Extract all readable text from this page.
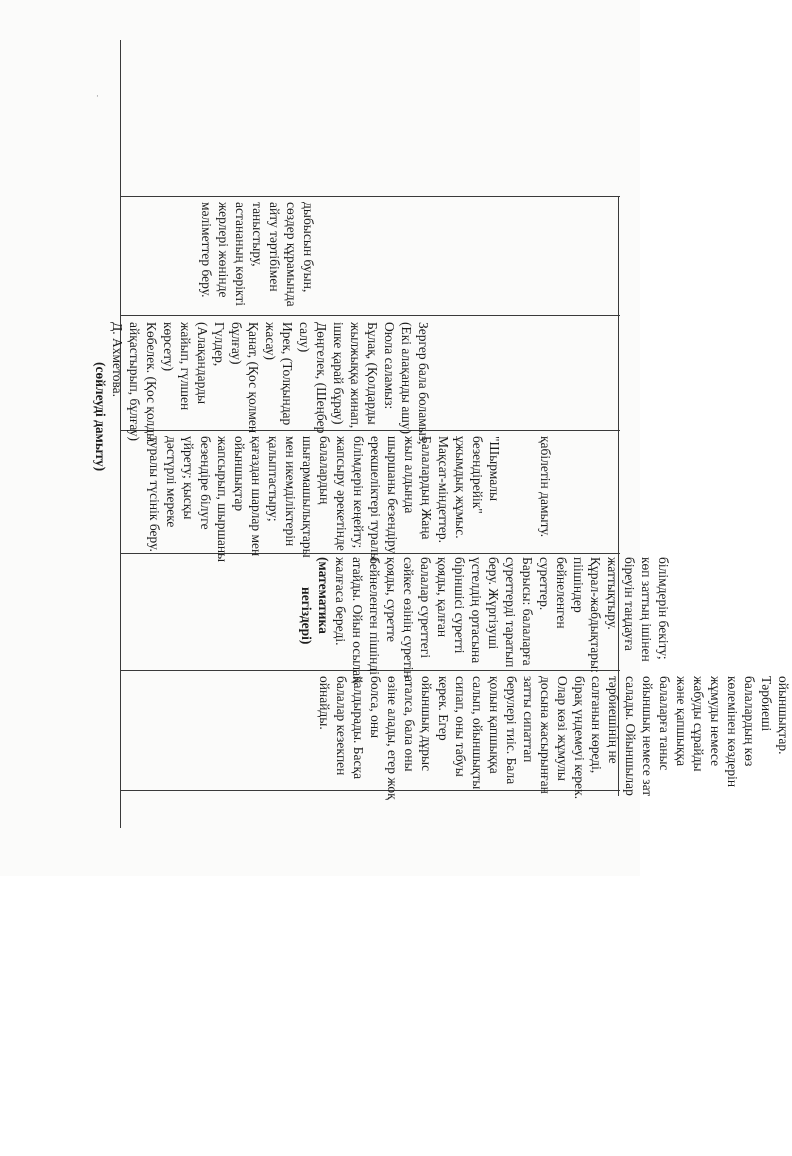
·
дыбысын буын,
сөздер құрамында
айту тәртібімен
таныстыру,
астананың көрікті
жерлері жөнінде
мәліметтер беру.
Зергер бала боламыз,
(Екі алақанды ашу)
Оюла саламыз:
Бұлақ, (Қолдарды
жылжыққа жинап,
ішке қарай бұрау)
Дөңгелек, (Шеңбер
салу)
Ирек, (Толқындар
жасау)
Қанат, (Қос қолмен
бұлғау)
Гүлдер,
(Алақандарды
жайып, гүлшен
көрсету)
Көбелек. (Қос қолды
айқастырып, бұлғау)
Д. Ахметова.
(сөйлеуді дамыту)
қабілетін дамыту.

"Шырмалы
безендірейік"
ұжымдық жұмыс.
Мақсат-міндеттер.
Балалардың Жаңа
жыл алдында
шыршаны безендіру
ерекшеліктері туралы
білімдерін кеңейту;
жапсыру әрекетінде
балалардың
шығармашылықтары
мен икемділіктерін
қалыптастыру;
қағаздан шарлар мен
ойыншықтар
жапсырып, шыршаны
безендіре білуге
үйрету; қысқы
дәстүрлі мереке
туралы түсінік беру.
білімдерін бекіту;
көп заттың ішінен
біреуін таңдауға
жаттықтыру.
Құрал-жабдықтары:
піішіндер
бейнеленген
суреттер.
Барысы: балаларға
суреттерді таратып
беру. Жүргізуші
үстелдің ортасына
біріншісі суретті
қояды, қалған
балалар суреттегі
сәйкес өзінің суретін
қояды, суретте
бейнеленген пішінді
атайды. Ойын осылай
жалғаса береді.
(математика
негіздері)
ойыншықтар.
Тәрбиеші
балалардың көз
көлемінен көздерін
жұмуды немесе
жабуды сұрайды
және қапшыққа
балаларға таныс
ойыншық немесе зат
салады. Ойыншылар
тәрбиешінің не
салғанын көреді,
бірақ үндемеуі керек.
Олар көзі жұмулы
досына жасырынған
затты сипаттап
берулері тиіс. Бала
қолын қапшыққа
салып, ойыншықты
сипап, оны табуы
керек. Егер
ойыншық дұрыс
аталса, бала оны
өзіне алады, егер жоқ
болса, оны
қалдырады. Басқа
балалар кезекпен
ойнайды.
